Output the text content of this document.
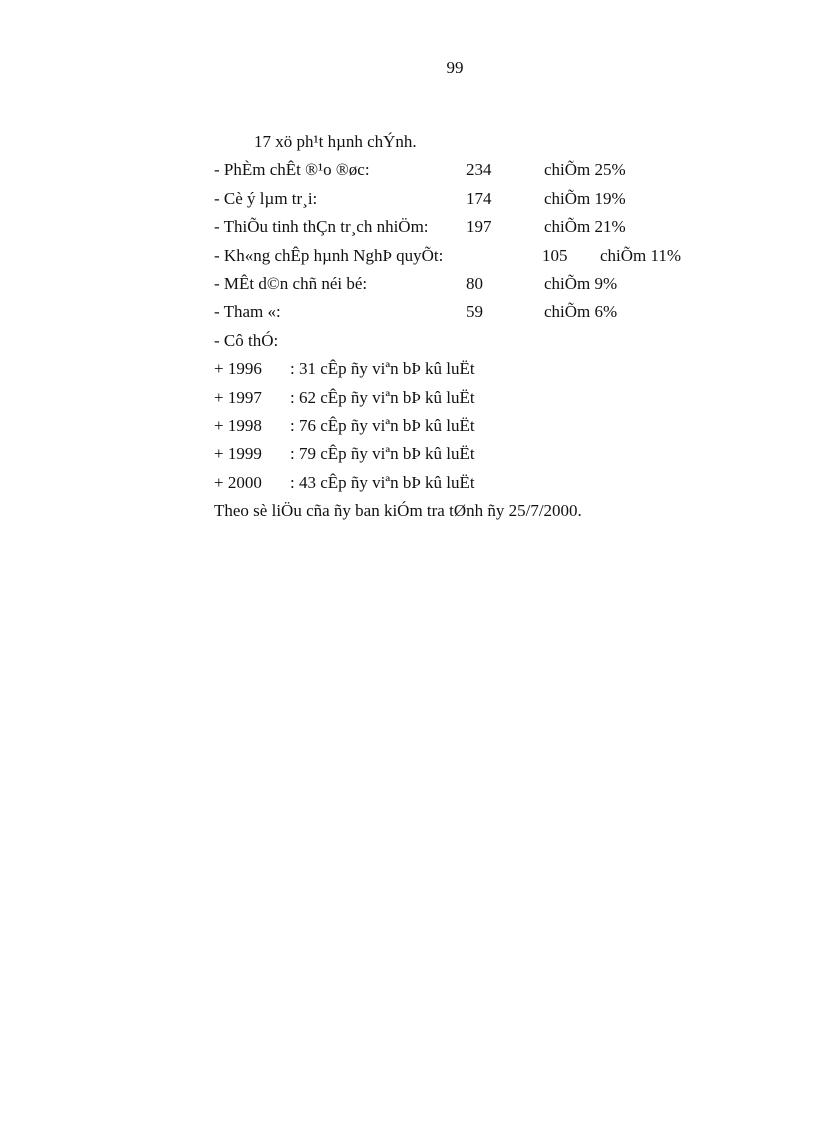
99
17 xö ph¹t hµnh chÝnh.
- PhÈm chÊt ®¹o ®øc:	234	chiÕm 25%
- Cè ý lµm tr¸i:	174	chiÕm 19%
- ThiÕu tinh thÇn tr¸ch nhiÖm: 197	chiÕm 21%
- Kh«ng chÊp hµnh NghÞ quyÕt:	105 chiÕm 11%
- MÊt d©n chñ néi bé:	80	chiÕm 9%
- Tham «:	59	chiÕm 6%
- Cô thÓ:
+ 1996 : 31 cÊp ñy viªn bÞ kû luËt
+ 1997 : 62 cÊp ñy viªn bÞ kû luËt
+ 1998 : 76 cÊp ñy viªn bÞ kû luËt
+ 1999 : 79 cÊp ñy viªn bÞ kû luËt
+ 2000 : 43 cÊp ñy viªn bÞ kû luËt
Theo sè liÖu cña ñy ban kiÓm tra tØnh ñy 25/7/2000.
